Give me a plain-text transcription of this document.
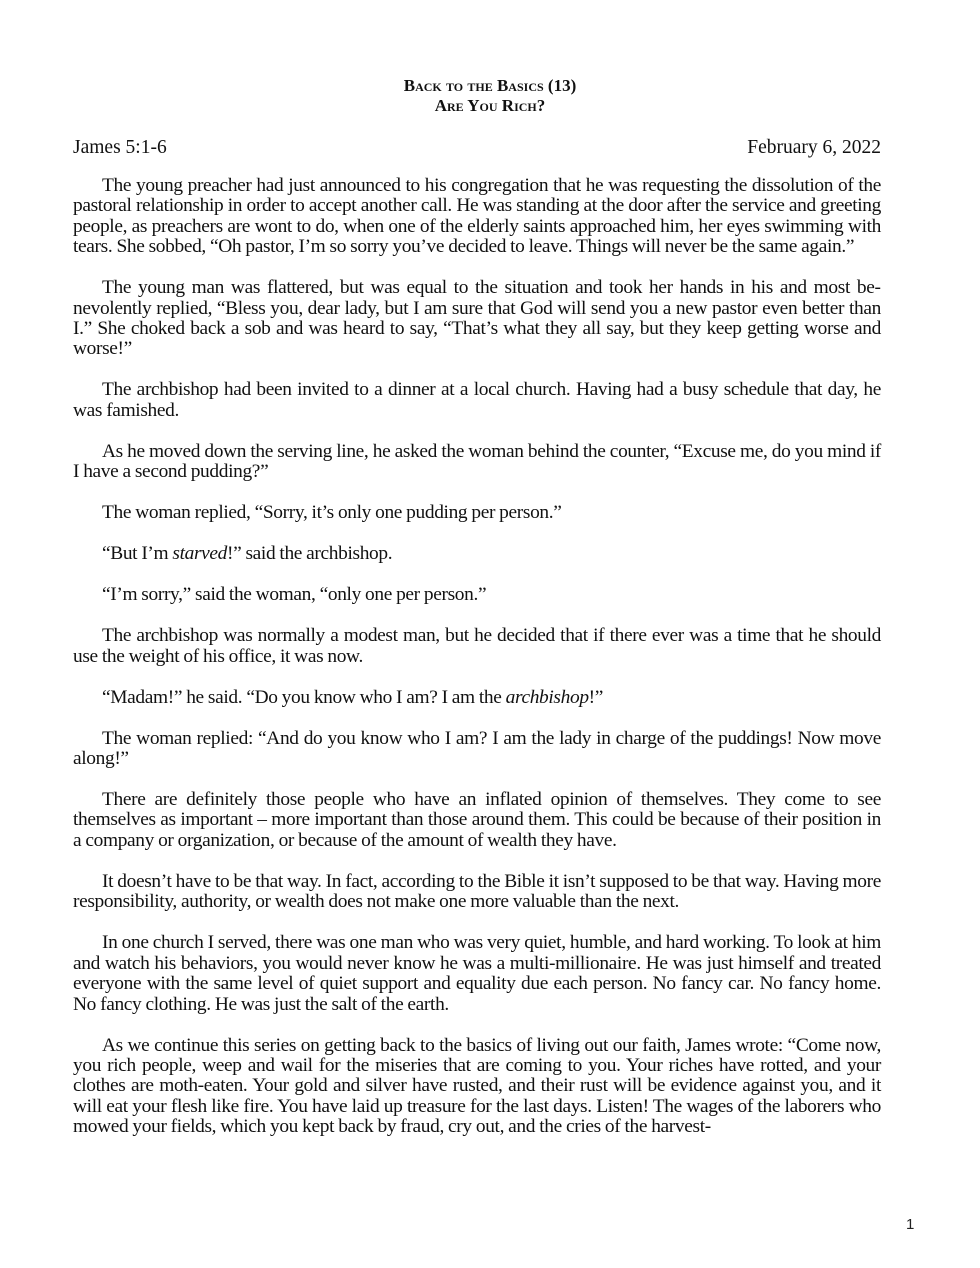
Back to the Basics (13)
Are You Rich?
James 5:1-6	February 6, 2022

The young preacher had just announced to his congregation that he was requesting the dissolution of the pastoral relationship in order to accept another call. He was standing at the door after the service and greeting people, as preachers are wont to do, when one of the elderly saints approached him, her eyes swimming with tears. She sobbed, “Oh pastor, I’m so sorry you’ve decided to leave. Things will never be the same again.”

The young man was flattered, but was equal to the situation and took her hands in his and most benevolently replied, “Bless you, dear lady, but I am sure that God will send you a new pastor even better than I.” She choked back a sob and was heard to say, “That’s what they all say, but they keep getting worse and worse!”

The archbishop had been invited to a dinner at a local church. Having had a busy schedule that day, he was famished.

As he moved down the serving line, he asked the woman behind the counter, “Excuse me, do you mind if I have a second pudding?”

The woman replied, “Sorry, it’s only one pudding per person.”

“But I’m starved!” said the archbishop.

“I’m sorry,” said the woman, “only one per person.”

The archbishop was normally a modest man, but he decided that if there ever was a time that he should use the weight of his office, it was now.

“Madam!” he said. “Do you know who I am? I am the archbishop!”

The woman replied: “And do you know who I am? I am the lady in charge of the puddings! Now move along!”

There are definitely those people who have an inflated opinion of themselves. They come to see themselves as important – more important than those around them. This could be because of their position in a company or organization, or because of the amount of wealth they have.

It doesn’t have to be that way. In fact, according to the Bible it isn’t supposed to be that way. Having more responsibility, authority, or wealth does not make one more valuable than the next.

In one church I served, there was one man who was very quiet, humble, and hard working. To look at him and watch his behaviors, you would never know he was a multi-millionaire. He was just himself and treated everyone with the same level of quiet support and equality due each person. No fancy car. No fancy home. No fancy clothing. He was just the salt of the earth.

As we continue this series on getting back to the basics of living out our faith, James wrote: “Come now, you rich people, weep and wail for the miseries that are coming to you. Your riches have rotted, and your clothes are moth-eaten. Your gold and silver have rusted, and their rust will be evidence against you, and it will eat your flesh like fire. You have laid up treasure for the last days. Listen! The wages of the laborers who mowed your fields, which you kept back by fraud, cry out, and the cries of the harvest-

1
